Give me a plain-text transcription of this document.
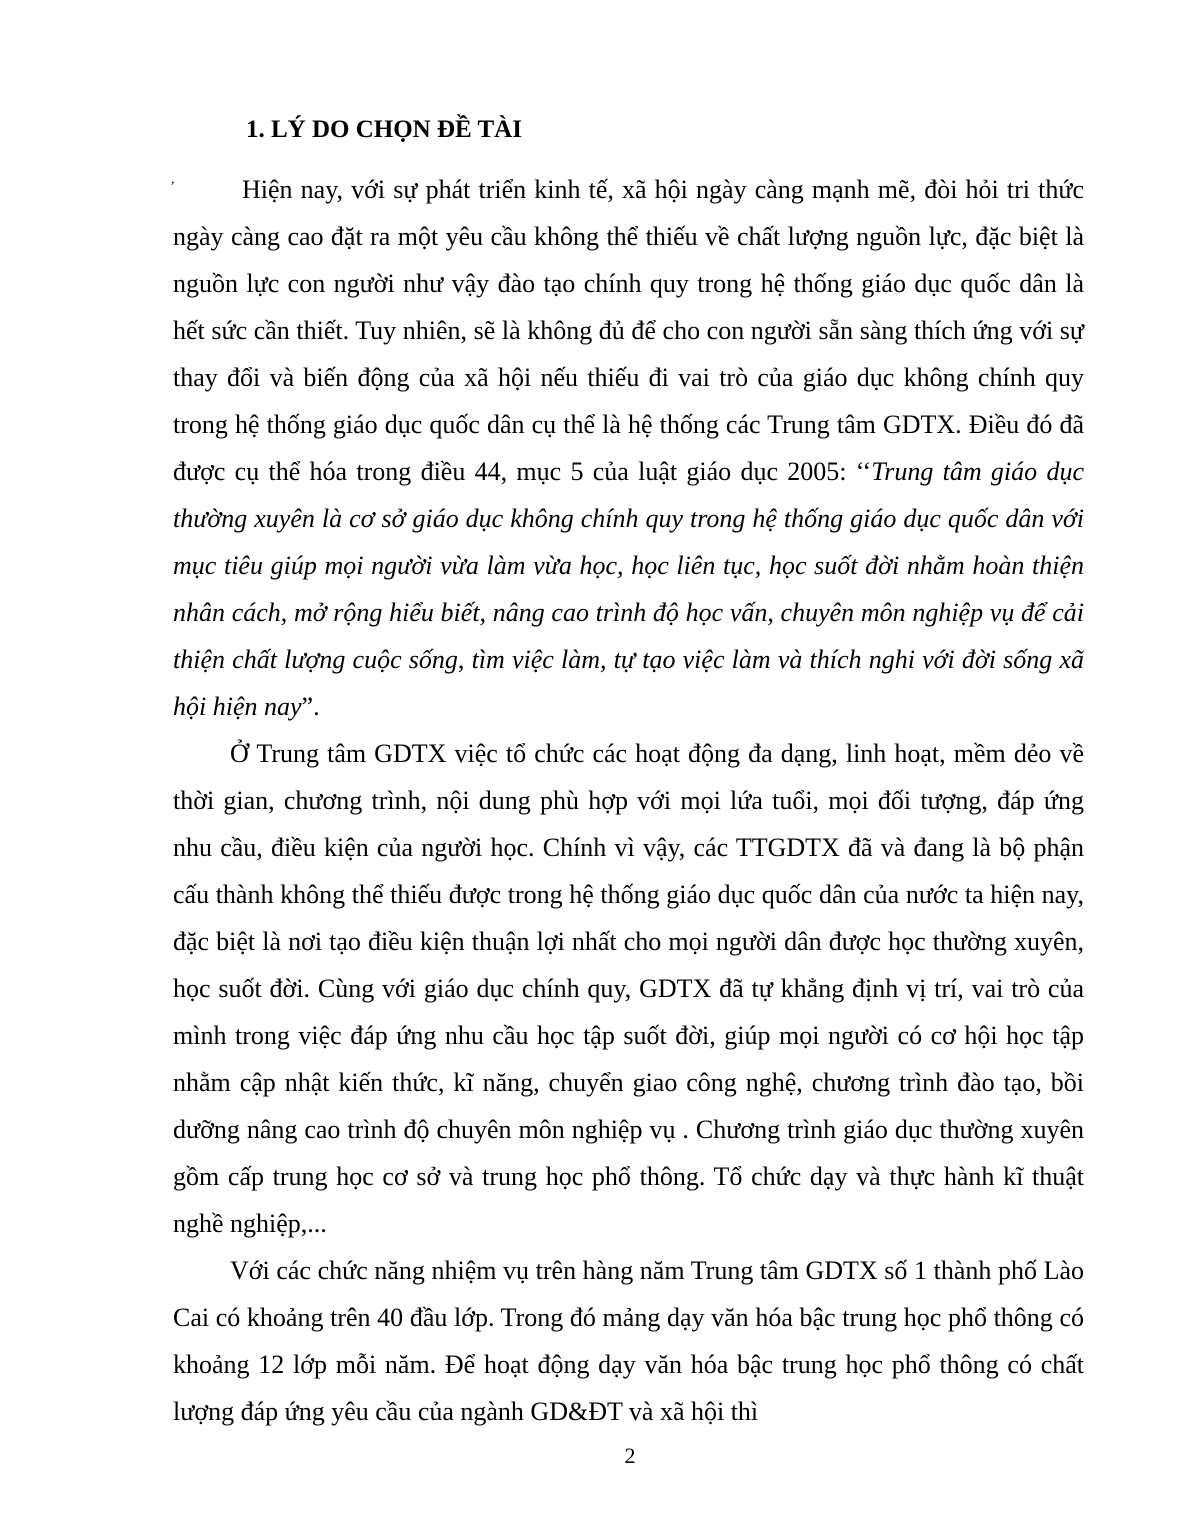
1. LÝ DO CHỌN ĐỀ TÀI
,	Hiện nay, với sự phát triển kinh tế, xã hội ngày càng mạnh mẽ, đòi hỏi tri thức ngày càng cao đặt ra một yêu cầu không thể thiếu về chất lượng nguồn lực, đặc biệt là nguồn lực con người như vậy đào tạo chính quy trong hệ thống giáo dục quốc dân là hết sức cần thiết. Tuy nhiên, sẽ là không đủ để cho con người sẵn sàng thích ứng với sự thay đổi và biến động của xã hội nếu thiếu đi vai trò của giáo dục không chính quy trong hệ thống giáo dục quốc dân cụ thể là hệ thống các Trung tâm GDTX. Điều đó đã được cụ thể hóa trong điều 44, mục 5 của luật giáo dục 2005: ‘‘Trung tâm giáo dục thường xuyên là cơ sở giáo dục không chính quy trong hệ thống giáo dục quốc dân với mục tiêu giúp mọi người vừa làm vừa học, học liên tục, học suốt đời nhằm hoàn thiện nhân cách, mở rộng hiểu biết, nâng cao trình độ học vấn, chuyên môn nghiệp vụ để cải thiện chất lượng cuộc sống, tìm việc làm, tự tạo việc làm và thích nghi với đời sống xã hội hiện nay”.

Ở Trung tâm GDTX việc tổ chức các hoạt động đa dạng, linh hoạt, mềm dẻo về thời gian, chương trình, nội dung phù hợp với mọi lứa tuổi, mọi đối tượng, đáp ứng nhu cầu, điều kiện của người học. Chính vì vậy, các TTGDTX đã và đang là bộ phận cấu thành không thể thiếu được trong hệ thống giáo dục quốc dân của nước ta hiện nay, đặc biệt là nơi tạo điều kiện thuận lợi nhất cho mọi người dân được học thường xuyên, học suốt đời. Cùng với giáo dục chính quy, GDTX đã tự khẳng định vị trí, vai trò của mình trong việc đáp ứng nhu cầu học tập suốt đời, giúp mọi người có cơ hội học tập nhằm cập nhật kiến thức, kĩ năng, chuyển giao công nghệ, chương trình đào tạo, bồi dưỡng nâng cao trình độ chuyên môn nghiệp vụ . Chương trình giáo dục thường xuyên gồm cấp trung học cơ sở và trung học phổ thông. Tổ chức dạy và thực hành kĩ thuật nghề nghiệp,...

Với các chức năng nhiệm vụ trên hàng năm Trung tâm GDTX số 1 thành phố Lào Cai có khoảng trên 40 đầu lớp. Trong đó mảng dạy văn hóa bậc trung học phổ thông có khoảng 12 lớp mỗi năm. Để hoạt động dạy văn hóa bậc trung học phổ thông có chất lượng đáp ứng yêu cầu của ngành GD&ĐT và xã hội thì

2
